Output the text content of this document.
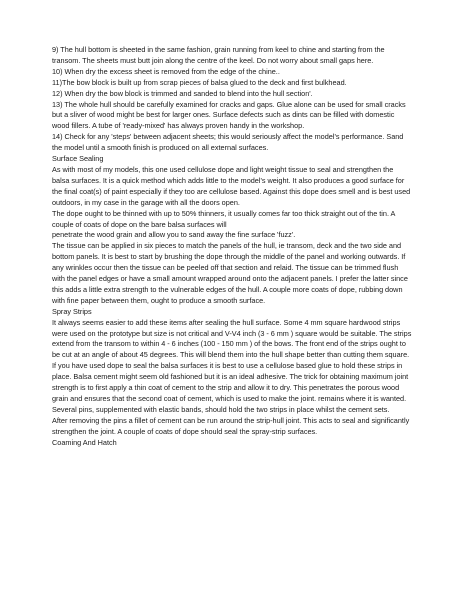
9) The hull bottom is sheeted in the same fashion, grain running from keel to chine and starting from the transom. The sheets must butt join along the centre of the keel. Do not worry about small gaps here.

10) When dry the excess sheet is removed from the edge of the chine..

11)The bow block is built up from scrap pieces of balsa glued to the deck and first bulkhead.

12) When dry the bow block is trimmed and sanded to blend into the hull section'.

13) The whole hull should be carefully examined for cracks and gaps. Glue alone can be used for small cracks but a sliver of wood might be best for larger ones. Surface defects such as dints can be filled with domestic wood fillers. A tube of 'ready-mixed' has always proven handy in the workshop.

14) Check for any 'steps' between adjacent sheets; this would seriously affect the model's performance. Sand the model until a smooth finish is produced on all external surfaces.

Surface Sealing

As with most of my models, this one used cellulose dope and light weight tissue to seal and strengthen the balsa surfaces. It is a quick method which adds little to the model's weight. It also produces a good surface for the final coat(s) of paint especially if they too are cellulose based. Against this dope does smell and is best used outdoors, in my case in the garage with all the doors open.

The dope ought to be thinned with up to 50% thinners, it usually comes far too thick straight out of the tin. A couple of coats of dope on the bare balsa surfaces will

penetrate the wood grain and allow you to sand away the fine surface 'fuzz'.

The tissue can be applied in six pieces to match the panels of the hull, ie transom, deck and the two side and bottom panels. It is best to start by brushing the dope through the middle of the panel and working outwards. If any wrinkles occur then the tissue can be peeled off that section and relaid. The tissue can be trimmed flush with the panel edges or have a small amount wrapped around onto the adjacent panels. I prefer the latter since this adds a little extra strength to the vulnerable edges of the hull. A couple more coats of dope, rubbing down with fine paper between them, ought to produce a smooth surface.

Spray Strips

It always seems easier to add these items after sealing the hull surface. Some 4 mm square hardwood strips were used on the prototype but size is not critical and V-V4 inch (3 - 6 mm ) square would be suitable. The strips extend from the transom to within 4 - 6 inches (100 - 150 mm ) of the bows. The front end of the strips ought to be cut at an angle of about 45 degrees. This will blend them into the hull shape better than cutting them square.

If you have used dope to seal the balsa surfaces it is best to use a cellulose based glue to hold these strips in place. Balsa cement might seem old fashioned but it is an ideal adhesive. The trick for obtaining maximum joint strength is to first apply a thin coat of cement to the strip and allow it to dry. This penetrates the porous wood grain and ensures that the second coat of cement, which is used to make the joint. remains where it is wanted. Several pins, supplemented with elastic bands, should hold the two strips in place whilst the cement sets.

After removing the pins a fillet of cement can be run around the strip-hull joint. This acts to seal and significantly strengthen the joint. A couple of coats of dope should seal the spray-strip surfaces.

Coaming And Hatch
